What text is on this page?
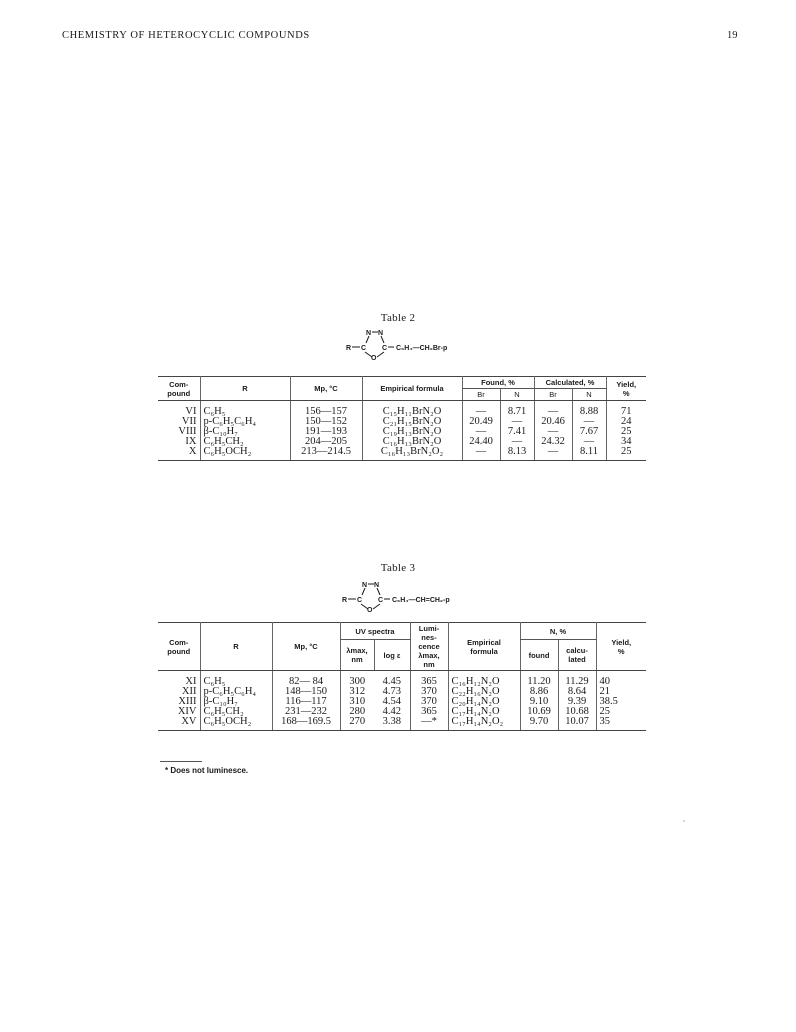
CHEMISTRY OF HETEROCYCLIC COMPOUNDS	19
Table 2
N N
R C C
O
C₆H₄—CH₂Br-p
Com-
pound	R	Mp, °C	Empirical formula	Found, %		Calculated, %		Yield,
%
				Br	N	Br	N	
VI	C₆H₅	156—157	C₁₅H₁₁BrN₂O	—	8.71	—	8.88	71
VII	p-C₆H₅C₆H₄	150—152	C₂₁H₁₅BrN₂O	20.49	—	20.46	—	24
VIII	β-C₁₀H₇	191—193	C₁₉H₁₃BrN₂O	—	7.41	—	7.67	25
IX	C₆H₅CH₂	204—205	C₁₆H₁₃BrN₂O	24.40	—	24.32	—	34
X	C₆H₅OCH₂	213—214.5	C₁₆H₁₃BrN₂O₂	—	8.13	—	8.11	25
Table 3
N N
R C C
O
C₆H₄—CH=CH₂-p
Com-
pound	R	Mp, °C	UV spectra		Lumi-
nes-
cence
λmax,
nm	Empirical
formula	N, %		Yield,
%
			λmax,
nm	log ε			found	calcu-
lated	
XI	C₆H₅	82— 84	300	4.45	365	C₁₆H₁₂N₂O	11.20	11.29	40
XII	p-C₆H₅C₆H₄	148—150	312	4.73	370	C₂₂H₁₆N₂O	8.86	8.64	21
XIII	β-C₁₀H₇	116—117	310	4.54	370	C₂₀H₁₄N₂O	9.10	9.39	38.5
XIV	C₆H₅CH₂	231—232	280	4.42	365	C₁₇H₁₄N₂O	10.69	10.68	25
XV	C₆H₅OCH₂	168—169.5	270	3.38	—*	C₁₇H₁₄N₂O₂	9.70	10.07	35
* Does not luminesce.
